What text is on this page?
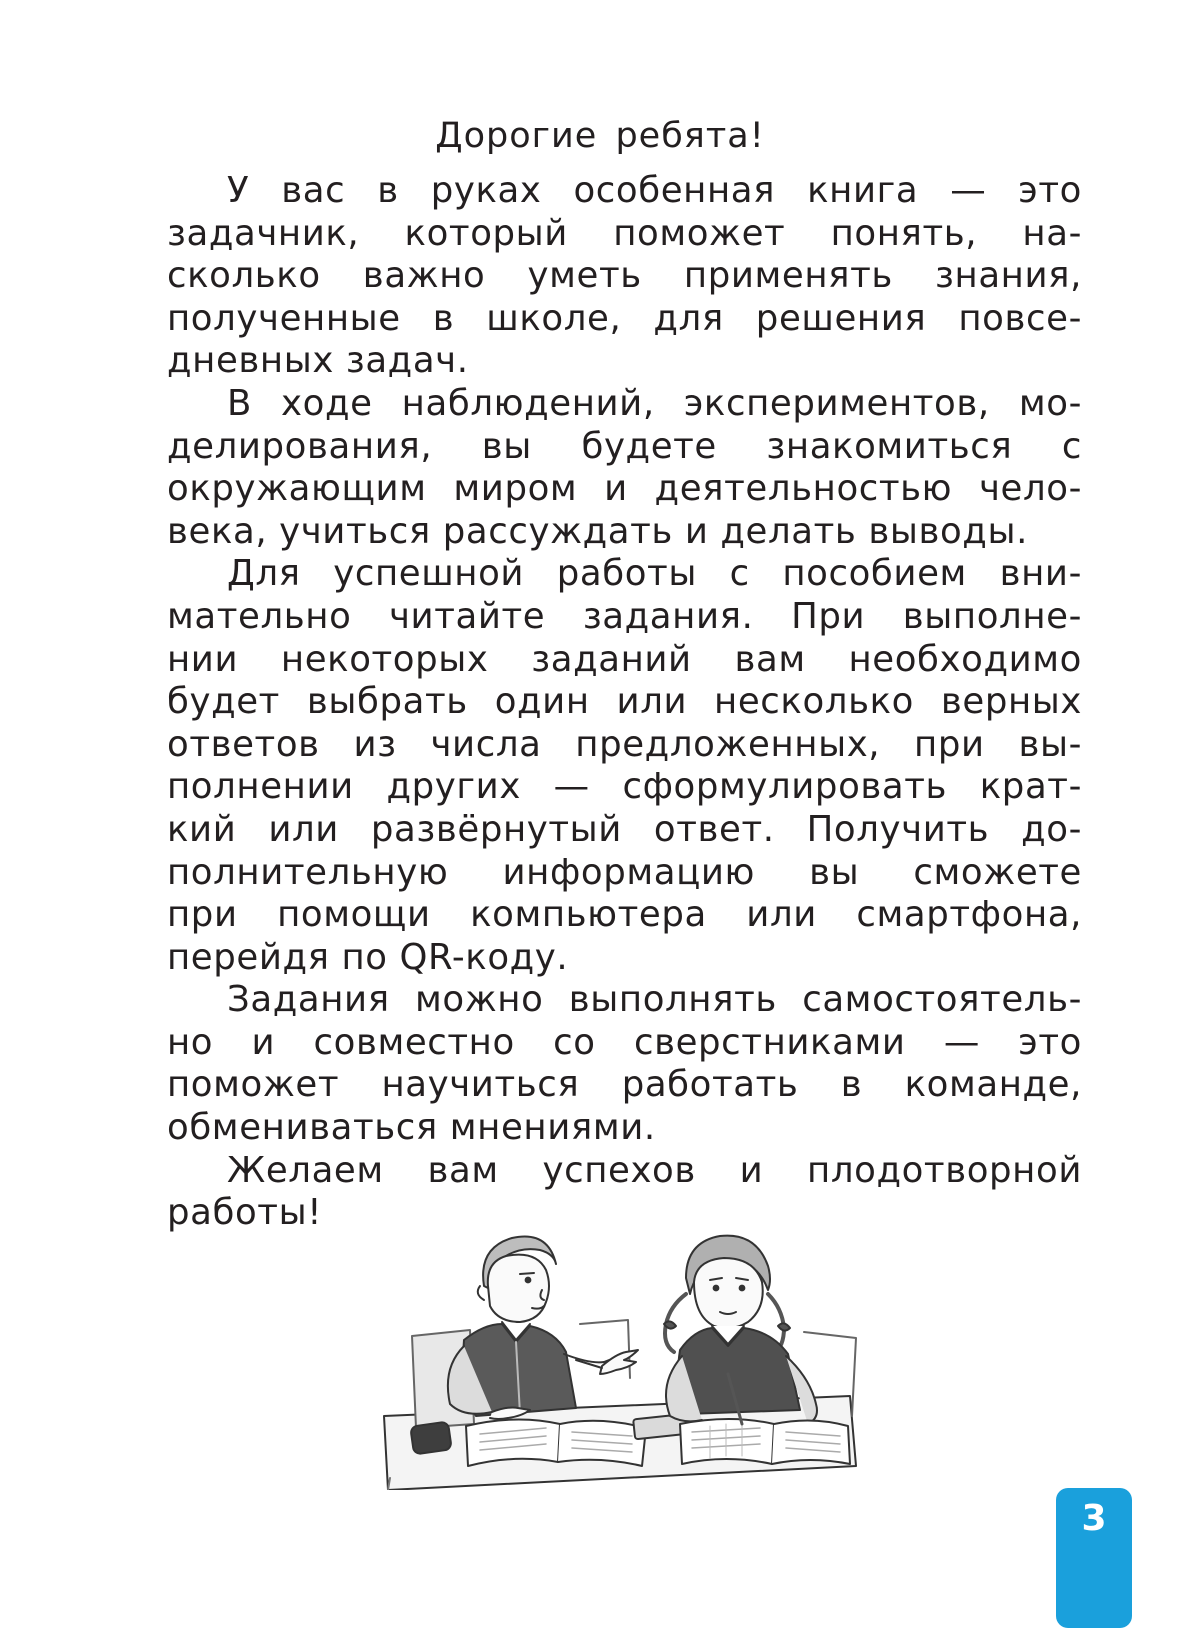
Дорогие ребята!
У вас в руках особенная книга — это
задачник, который поможет понять, на-
сколько важно уметь применять знания,
полученные в школе, для решения повсе-
дневных задач.
В ходе наблюдений, экспериментов, мо-
делирования, вы будете знакомиться с
окружающим миром и деятельностью чело-
века, учиться рассуждать и делать выводы.
Для успешной работы с пособием вни-
мательно читайте задания. При выполне-
нии некоторых заданий вам необходимо
будет выбрать один или несколько верных
ответов из числа предложенных, при вы-
полнении других — сформулировать крат-
кий или развёрнутый ответ. Получить до-
полнительную информацию вы сможете
при помощи компьютера или смартфона,
перейдя по QR-коду.
Задания можно выполнять самостоятель-
но и совместно со сверстниками — это
поможет научиться работать в команде,
обмениваться мнениями.
Желаем вам успехов и плодотворной
работы!
3
